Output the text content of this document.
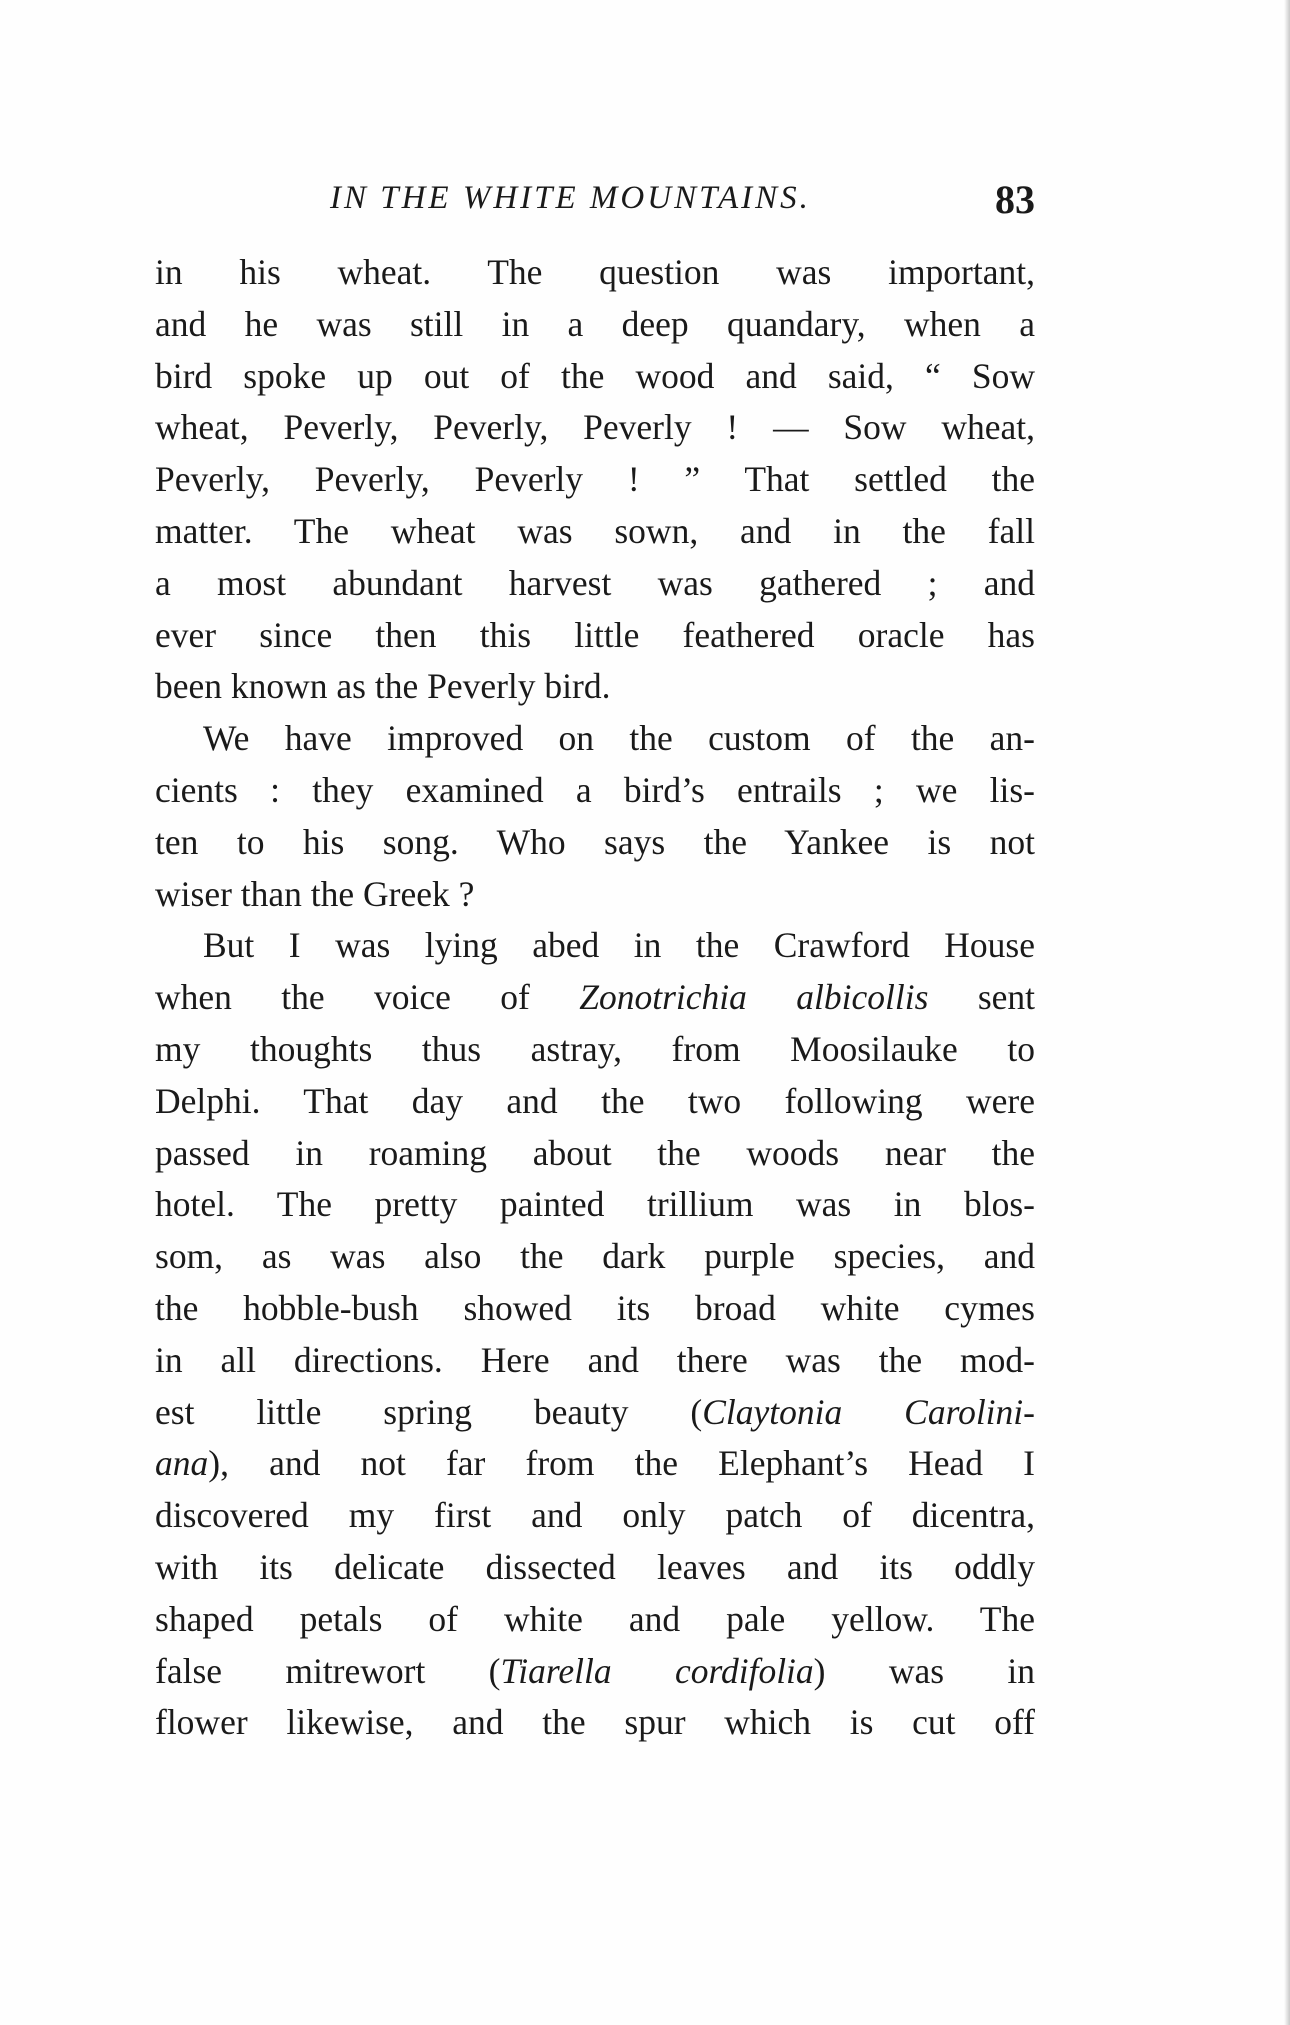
IN THE WHITE MOUNTAINS.	83
in his wheat. The question was important,
and he was still in a deep quandary, when a
bird spoke up out of the wood and said, “ Sow
wheat, Peverly, Peverly, Peverly ! — Sow wheat,
Peverly, Peverly, Peverly ! ” That settled the
matter. The wheat was sown, and in the fall
a most abundant harvest was gathered ; and
ever since then this little feathered oracle has
been known as the Peverly bird.
We have improved on the custom of the an-
cients : they examined a bird’s entrails ; we lis-
ten to his song. Who says the Yankee is not
wiser than the Greek ?
But I was lying abed in the Crawford House
when the voice of Zonotrichia albicollis sent
my thoughts thus astray, from Moosilauke to
Delphi. That day and the two following were
passed in roaming about the woods near the
hotel. The pretty painted trillium was in blos-
som, as was also the dark purple species, and
the hobble-bush showed its broad white cymes
in all directions. Here and there was the mod-
est little spring beauty (Claytonia Carolini-
ana), and not far from the Elephant’s Head I
discovered my first and only patch of dicentra,
with its delicate dissected leaves and its oddly
shaped petals of white and pale yellow. The
false mitrewort (Tiarella cordifolia) was in
flower likewise, and the spur which is cut off
